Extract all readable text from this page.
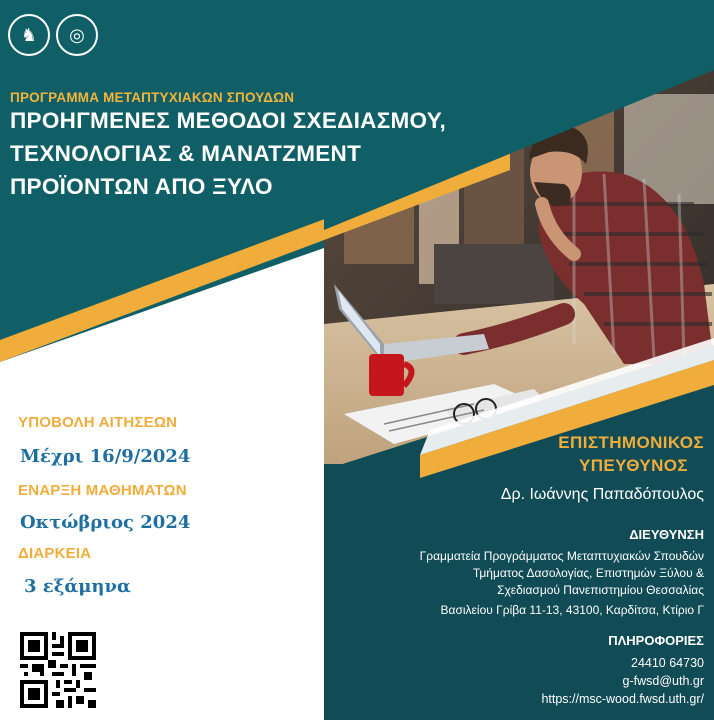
♞ ◎
ΠΡΟΓΡΑΜΜΑ ΜΕΤΑΠΤΥΧΙΑΚΩΝ ΣΠΟΥΔΩΝ
ΠΡΟΗΓΜΕΝΕΣ ΜΕΘΟΔΟΙ ΣΧΕΔΙΑΣΜΟΥ,
ΤΕΧΝΟΛΟΓΙΑΣ & ΜΑΝΑΤΖΜΕΝΤ
ΠΡΟΪΟΝΤΩΝ ΑΠΟ ΞΥΛΟ
ΥΠΟΒΟΛΗ ΑΙΤΗΣΕΩΝ
Μέχρι 16/9/2024
ΕΝΑΡΞΗ ΜΑΘΗΜΑΤΩΝ
Οκτώβριος 2024
ΔΙΑΡΚΕΙΑ
3 εξάμηνα
ΕΠΙΣΤΗΜΟΝΙΚΟΣ
ΥΠΕΥΘΥΝΟΣ
Δρ. Ιωάννης Παπαδόπουλος
ΔΙΕΥΘΥΝΣΗ
Γραμματεία Προγράμματος Μεταπτυχιακών Σπουδών
Τμήματος Δασολογίας, Επιστημών Ξύλου &
Σχεδιασμού Πανεπιστημίου Θεσσαλίας
Βασιλείου Γρίβα 11-13, 43100, Καρδίτσα, Κτίριο Γ
ΠΛΗΡΟΦΟΡΙΕΣ
24410 64730
g-fwsd@uth.gr
https://msc-wood.fwsd.uth.gr/
